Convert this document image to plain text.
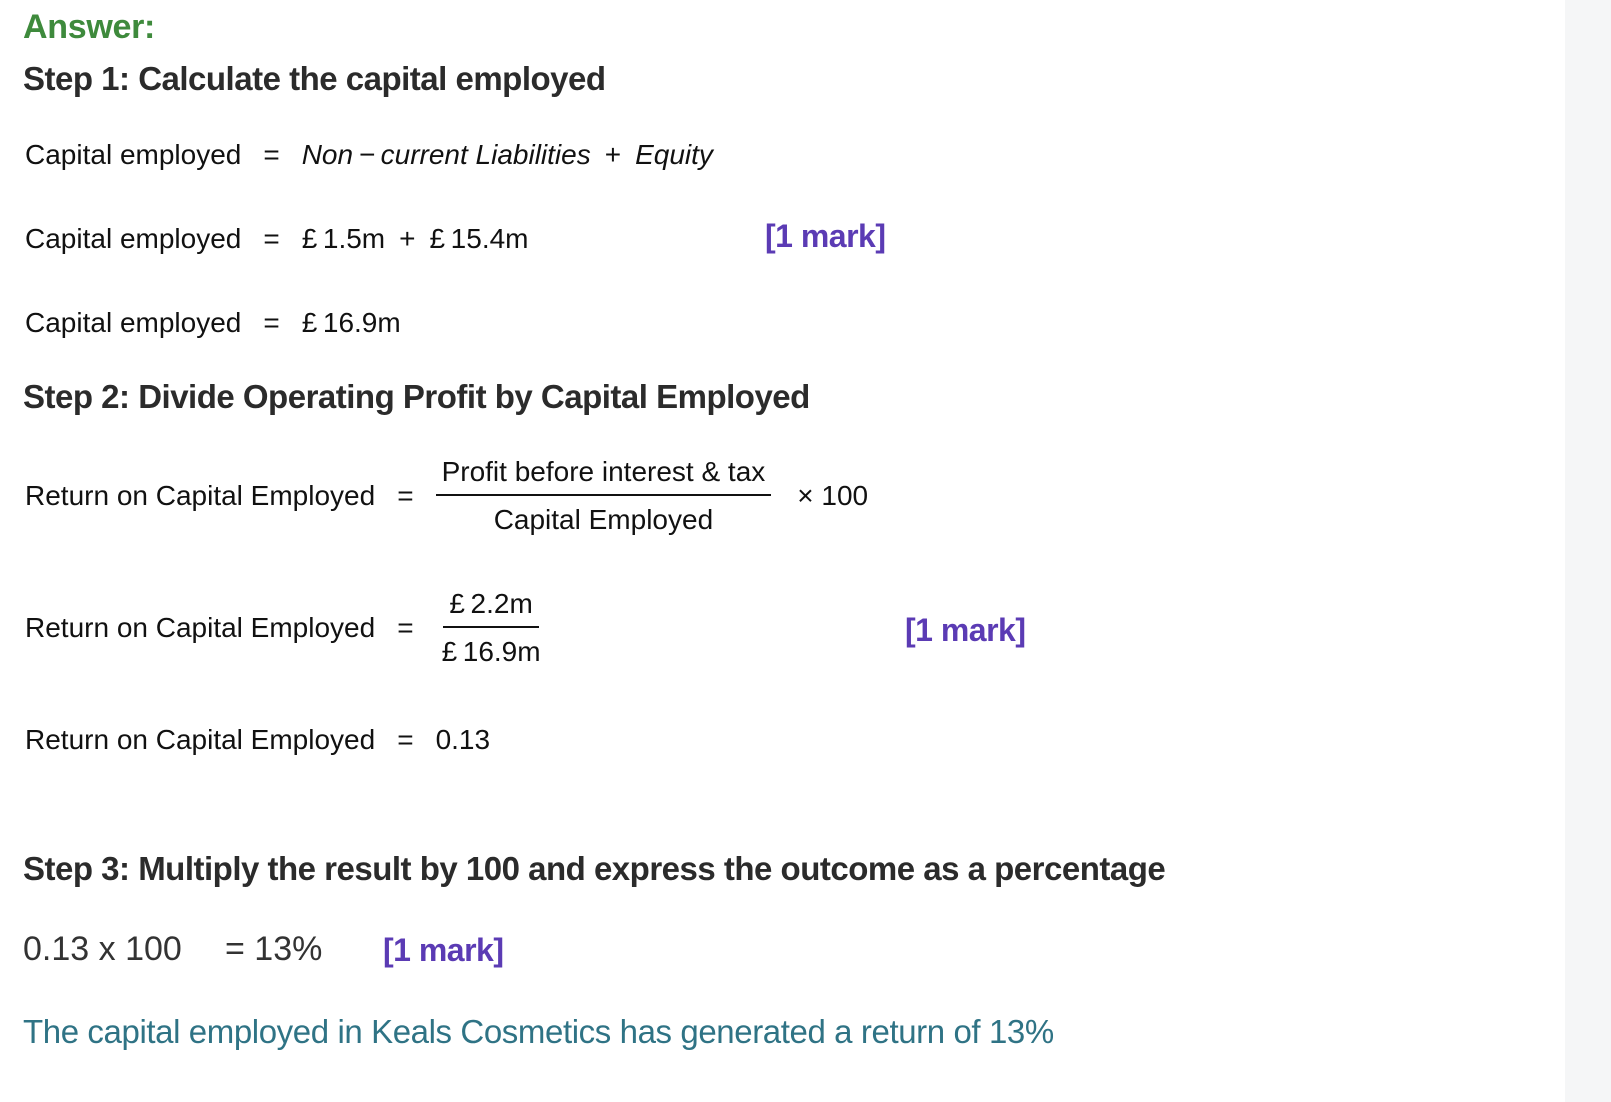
Answer:
Step 1: Calculate the capital employed
Capital employed = Non − current Liabilities + Equity
Capital employed = £ 1.5m + £ 15.4m	[1 mark]
Capital employed = £ 16.9m
Step 2: Divide Operating Profit by Capital Employed
Return on Capital Employed = $\frac{\text{Profit before interest \& tax}}{\text{Capital Employed}} \times 100$
Return on Capital Employed = $\frac{£ 2.2m}{£ 16.9m}$	[1 mark]
Return on Capital Employed = 0.13
Step 3: Multiply the result by 100 and express the outcome as a percentage
0.13 x 100 = 13% [1 mark]
The capital employed in Keals Cosmetics has generated a return of 13%
